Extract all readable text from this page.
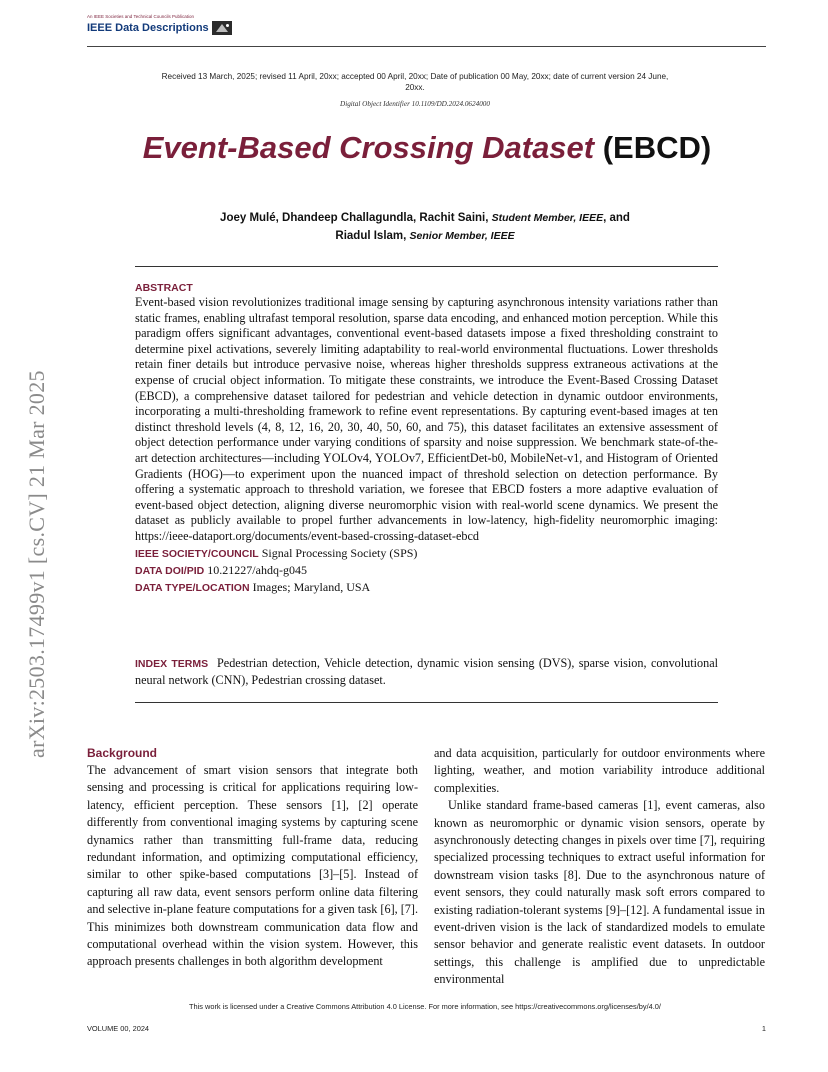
An IEEE Societies and Technical Councils Publication
IEEE Data Descriptions
Received 13 March, 2025; revised 11 April, 20xx; accepted 00 April, 20xx; Date of publication 00 May, 20xx; date of current version 24 June, 20xx.
Digital Object Identifier 10.1109/DD.2024.0624000
Event-Based Crossing Dataset (EBCD)
Joey Mulé, Dhandeep Challagundla, Rachit Saini, Student Member, IEEE, and
Riadul Islam, Senior Member, IEEE
ABSTRACT

Event-based vision revolutionizes traditional image sensing by capturing asynchronous intensity variations rather than static frames, enabling ultrafast temporal resolution, sparse data encoding, and enhanced motion perception. While this paradigm offers significant advantages, conventional event-based datasets impose a fixed thresholding constraint to determine pixel activations, severely limiting adaptability to real-world environmental fluctuations. Lower thresholds retain finer details but introduce pervasive noise, whereas higher thresholds suppress extraneous activations at the expense of crucial object information. To mitigate these constraints, we introduce the Event-Based Crossing Dataset (EBCD), a comprehensive dataset tailored for pedestrian and vehicle detection in dynamic outdoor environments, incorporating a multi-thresholding framework to refine event representations. By capturing event-based images at ten distinct threshold levels (4, 8, 12, 16, 20, 30, 40, 50, 60, and 75), this dataset facilitates an extensive assessment of object detection performance under varying conditions of sparsity and noise suppression. We benchmark state-of-the-art detection architectures—including YOLOv4, YOLOv7, EfficientDet-b0, MobileNet-v1, and Histogram of Oriented Gradients (HOG)—to experiment upon the nuanced impact of threshold selection on detection performance. By offering a systematic approach to threshold variation, we foresee that EBCD fosters a more adaptive evaluation of event-based object detection, aligning diverse neuromorphic vision with real-world scene dynamics. We present the dataset as publicly available to propel further advancements in low-latency, high-fidelity neuromorphic imaging: https://ieee-dataport.org/documents/event-based-crossing-dataset-ebcd

IEEE SOCIETY/COUNCIL Signal Processing Society (SPS)
DATA DOI/PID 10.21227/ahdq-g045
DATA TYPE/LOCATION Images; Maryland, USA
INDEX TERMS Pedestrian detection, Vehicle detection, dynamic vision sensing (DVS), sparse vision, convolutional neural network (CNN), Pedestrian crossing dataset.
arXiv:2503.17499v1 [cs.CV] 21 Mar 2025	Background

The advancement of smart vision sensors that integrate both sensing and processing is critical for applications requiring low-latency, efficient perception. These sensors [1], [2] operate differently from conventional imaging systems by capturing scene dynamics rather than transmitting full-frame data, reducing redundant information, and optimizing computational efficiency, similar to other spike-based computations [3]–[5]. Instead of capturing all raw data, event sensors perform online data filtering and selective in-plane feature computations for a given task [6], [7]. This minimizes both downstream communication data flow and computational overhead within the vision system. However, this approach presents challenges in both algorithm development

and data acquisition, particularly for outdoor environments where lighting, weather, and motion variability introduce additional complexities.

Unlike standard frame-based cameras [1], event cameras, also known as neuromorphic or dynamic vision sensors, operate by asynchronously detecting changes in pixels over time [7], requiring specialized processing techniques to extract useful information for downstream vision tasks [8]. Due to the asynchronous nature of event sensors, they could naturally mask soft errors compared to existing radiation-tolerant systems [9]–[12]. A fundamental issue in event-driven vision is the lack of standardized models to emulate sensor behavior and generate realistic event datasets. In outdoor settings, this challenge is amplified due to unpredictable environmental

This work is licensed under a Creative Commons Attribution 4.0 License. For more information, see https://creativecommons.org/licenses/by/4.0/
VOLUME 00, 2024	1
